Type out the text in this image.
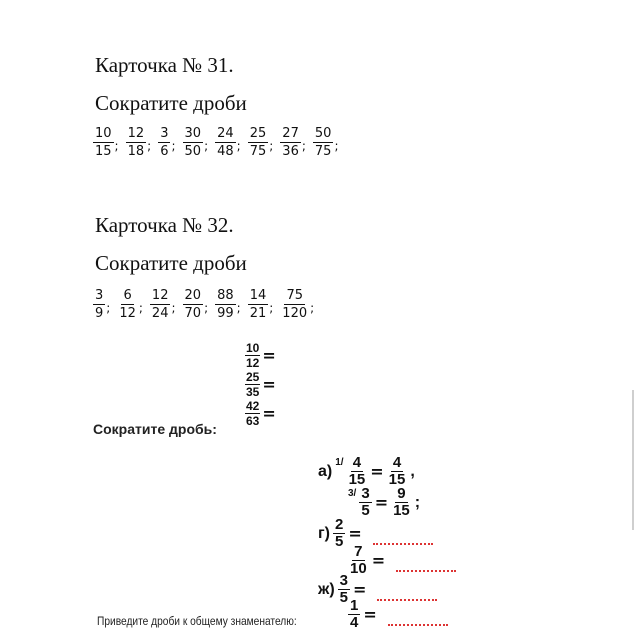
Карточка № 31.
Сократите дроби
$\frac{10}{15}$ ; $\frac{12}{18}$ ; $\frac{3}{6}$ ; $\frac{30}{50}$ ; $\frac{24}{48}$ ; $\frac{25}{75}$ ; $\frac{27}{36}$ ; $\frac{50}{75}$ ;
Карточка № 32.
Сократите дроби
$\frac{3}{9}$ ; $\frac{6}{12}$ ; $\frac{12}{24}$ ; $\frac{20}{70}$ ; $\frac{88}{99}$ ; $\frac{14}{21}$ ; $\frac{75}{120}$ ;
$\frac{10}{12}$ =
$\frac{25}{35}$ =
$\frac{42}{63}$ =
Сократите дробь:
а) $1/ \frac{4}{15} = \frac{4}{15}$ ,
$3/ \frac{3}{5} = \frac{9}{15}$ ;
$г) \frac{2}{5}$ =
$\frac{7}{10}$ =
$ж) \frac{3}{5}$ =
$\frac{1}{4}$ =
Приведите дроби к общему знаменателю:
